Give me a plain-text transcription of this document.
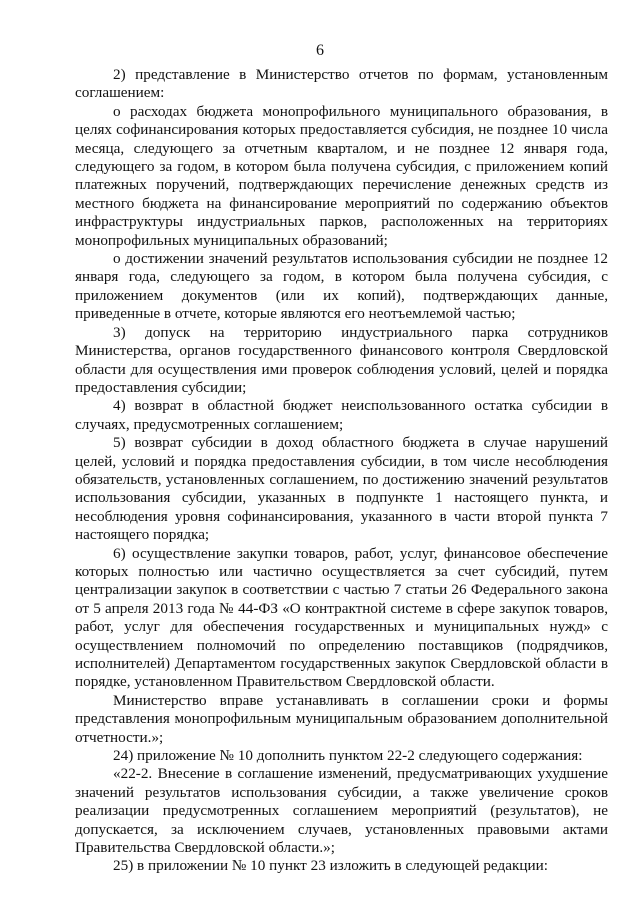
6

2) представление в Министерство отчетов по формам, установленным соглашением:

о расходах бюджета монопрофильного муниципального образования, в целях софинансирования которых предоставляется субсидия, не позднее 10 числа месяца, следующего за отчетным кварталом, и не позднее 12 января года, следующего за годом, в котором была получена субсидия, с приложением копий платежных поручений, подтверждающих перечисление денежных средств из местного бюджета на финансирование мероприятий по содержанию объектов инфраструктуры индустриальных парков, расположенных на территориях монопрофильных муниципальных образований;

о достижении значений результатов использования субсидии не позднее 12 января года, следующего за годом, в котором была получена субсидия, с приложением документов (или их копий), подтверждающих данные, приведенные в отчете, которые являются его неотъемлемой частью;

3) допуск на территорию индустриального парка сотрудников Министерства, органов государственного финансового контроля Свердловской области для осуществления ими проверок соблюдения условий, целей и порядка предоставления субсидии;

4) возврат в областной бюджет неиспользованного остатка субсидии в случаях, предусмотренных соглашением;

5) возврат субсидии в доход областного бюджета в случае нарушений целей, условий и порядка предоставления субсидии, в том числе несоблюдения обязательств, установленных соглашением, по достижению значений результатов использования субсидии, указанных в подпункте 1 настоящего пункта, и несоблюдения уровня софинансирования, указанного в части второй пункта 7 настоящего порядка;

6) осуществление закупки товаров, работ, услуг, финансовое обеспечение которых полностью или частично осуществляется за счет субсидий, путем централизации закупок в соответствии с частью 7 статьи 26 Федерального закона от 5 апреля 2013 года № 44-ФЗ «О контрактной системе в сфере закупок товаров, работ, услуг для обеспечения государственных и муниципальных нужд» с осуществлением полномочий по определению поставщиков (подрядчиков, исполнителей) Департаментом государственных закупок Свердловской области в порядке, установленном Правительством Свердловской области.

Министерство вправе устанавливать в соглашении сроки и формы представления монопрофильным муниципальным образованием дополнительной отчетности.»;

24) приложение № 10 дополнить пунктом 22-2 следующего содержания:

«22-2. Внесение в соглашение изменений, предусматривающих ухудшение значений результатов использования субсидии, а также увеличение сроков реализации предусмотренных соглашением мероприятий (результатов), не допускается, за исключением случаев, установленных правовыми актами Правительства Свердловской области.»;

25) в приложении № 10 пункт 23 изложить в следующей редакции:
